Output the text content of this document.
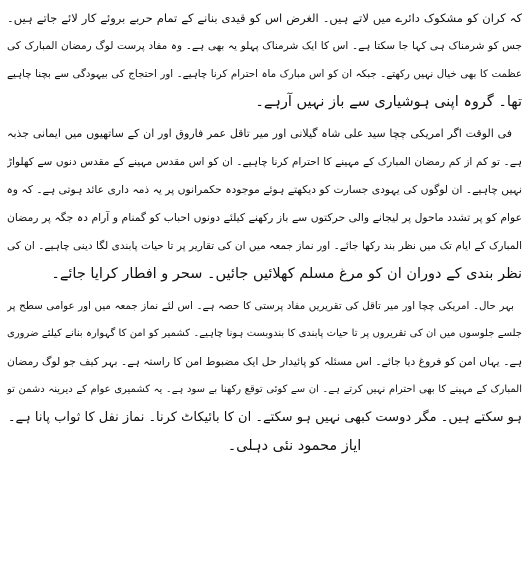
کہ کران کو مشکوک دائرے میں لاتے ہیں۔ الغرض اس کو قیدی بنانے کے تمام حربے بروئے کار لائے جاتے ہیں۔
جس کو شرمناک ہی کہا جا سکتا ہے۔ اس کا ایک شرمناک پہلو یہ بھی ہے۔ وہ مفاد پرست لوگ رمضان المبارک کی
عظمت کا بھی خیال نہیں رکھتے۔ جبکہ ان کو اس مبارک ماہ احترام کرنا چاہیے۔ اور احتجاج کی بیہودگی سے بچنا چاہیے
تھا۔ گروہ اپنی ہوشیاری سے باز نہیں آرہے۔
فی الوقت اگر امریکی چچا سید علی شاہ گیلانی اور میر تاقل عمر فاروق اور ان کے ساتھیوں میں ایمانی جذبہ
ہے۔ تو کم از کم رمضان المبارک کے مہینے کا احترام کرنا چاہیے۔ ان کو اس مقدس مہینے کے مقدس دنوں سے کھلواڑ
نہیں چاہیے۔ ان لوگوں کی یہودی جسارت کو دیکھتے ہوئے موجودہ حکمرانوں پر یہ ذمہ داری عائد ہوتی ہے۔ کہ وہ
عوام کو پر تشدد ماحول پر لیجانے والی حرکتوں سے باز رکھنے کیلئے دونوں احباب کو گمنام و آرام دہ جگہ پر رمضان
المبارک کے ایام تک میں نظر بند رکھا جائے۔ اور نماز جمعہ میں ان کی تقاریر پر تا حیات پابندی لگا دینی چاہیے۔ ان کی
نظر بندی کے دوران ان کو مرغ مسلم کھلائیں جائیں۔ سحر و افطار کرایا جائے۔
بہر حال۔ امریکی چچا اور میر تاقل کی تقریریں مفاد پرستی کا حصہ ہے۔ اس لئے نماز جمعہ میں اور عوامی سطح پر
جلسے جلوسوں میں ان کی تقریروں پر تا حیات پابندی کا بندوبست ہونا چاہیے۔ کشمیر کو امن کا گہوارہ بنانے کیلئے ضروری
ہے۔ یہاں امن کو فروغ دیا جائے۔ اس مسئلہ کو پائیدار حل ایک مضبوط امن کا راستہ ہے۔ بہر کیف جو لوگ رمضان
المبارک کے مہینے کا بھی احترام نہیں کرتے ہے۔ ان سے کوئی توقع رکھنا بے سود ہے۔ یہ کشمیری عوام کے دیرینہ دشمن تو
ہو سکتے ہیں۔ مگر دوست کبھی نہیں ہو سکتے۔ ان کا بائیکاٹ کرنا۔ نماز نفل کا ثواب پانا ہے۔
ایاز محمود نئی دہلی۔
